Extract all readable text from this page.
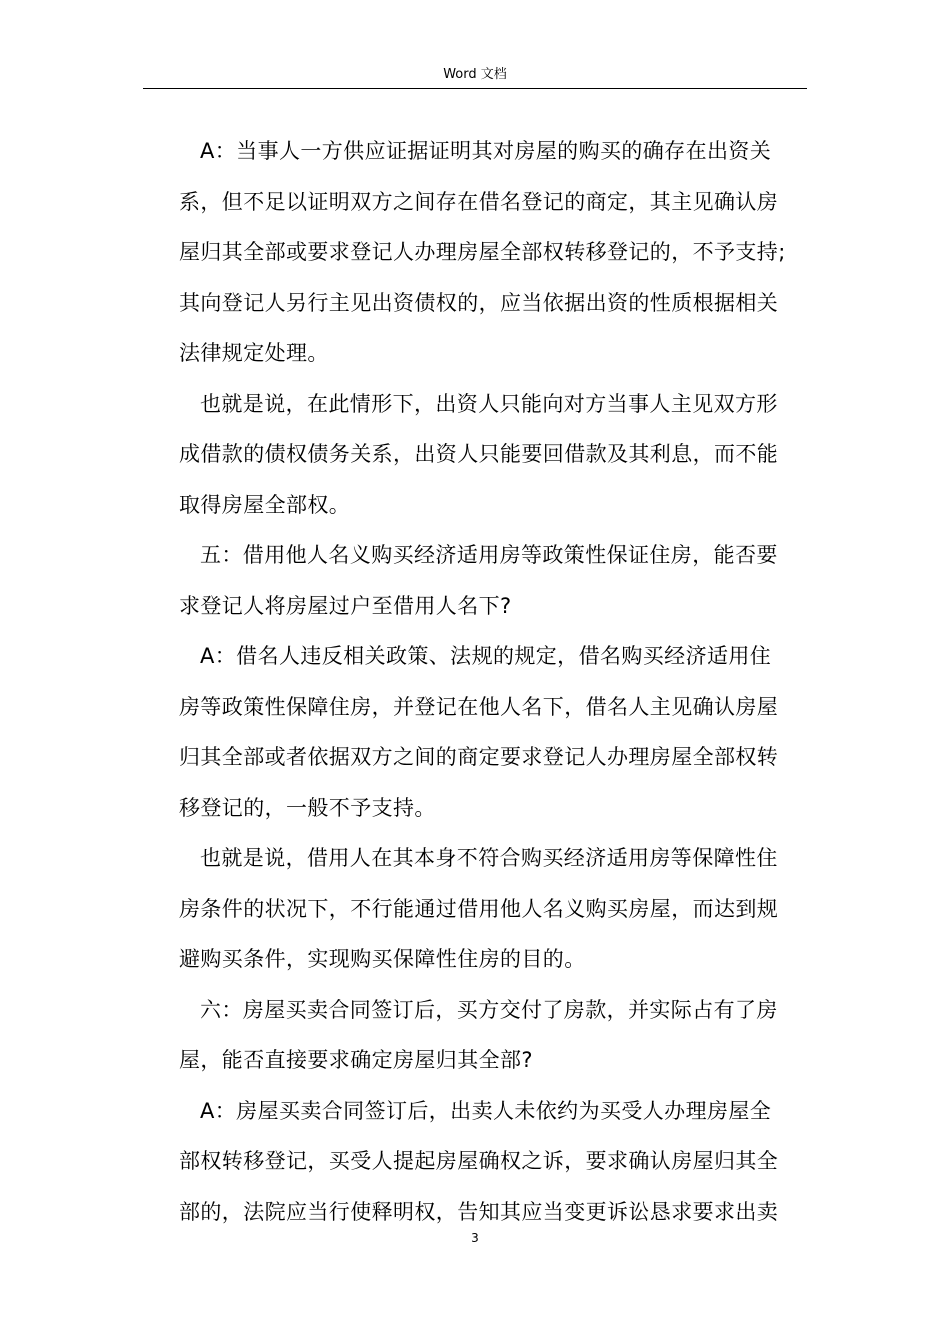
Word 文档
A：当事人一方供应证据证明其对房屋的购买的确存在出资关
系，但不足以证明双方之间存在借名登记的商定，其主见确认房
屋归其全部或要求登记人办理房屋全部权转移登记的，不予支持;
其向登记人另行主见出资债权的，应当依据出资的性质根据相关
法律规定处理。
也就是说，在此情形下，出资人只能向对方当事人主见双方形
成借款的债权债务关系，出资人只能要回借款及其利息，而不能
取得房屋全部权。
五：借用他人名义购买经济适用房等政策性保证住房，能否要
求登记人将房屋过户至借用人名下?
A：借名人违反相关政策、法规的规定，借名购买经济适用住
房等政策性保障住房，并登记在他人名下，借名人主见确认房屋
归其全部或者依据双方之间的商定要求登记人办理房屋全部权转
移登记的，一般不予支持。
也就是说，借用人在其本身不符合购买经济适用房等保障性住
房条件的状况下，不行能通过借用他人名义购买房屋，而达到规
避购买条件，实现购买保障性住房的目的。
六：房屋买卖合同签订后，买方交付了房款，并实际占有了房
屋，能否直接要求确定房屋归其全部?
A：房屋买卖合同签订后，出卖人未依约为买受人办理房屋全
部权转移登记，买受人提起房屋确权之诉，要求确认房屋归其全
部的，法院应当行使释明权，告知其应当变更诉讼恳求要求出卖
3
